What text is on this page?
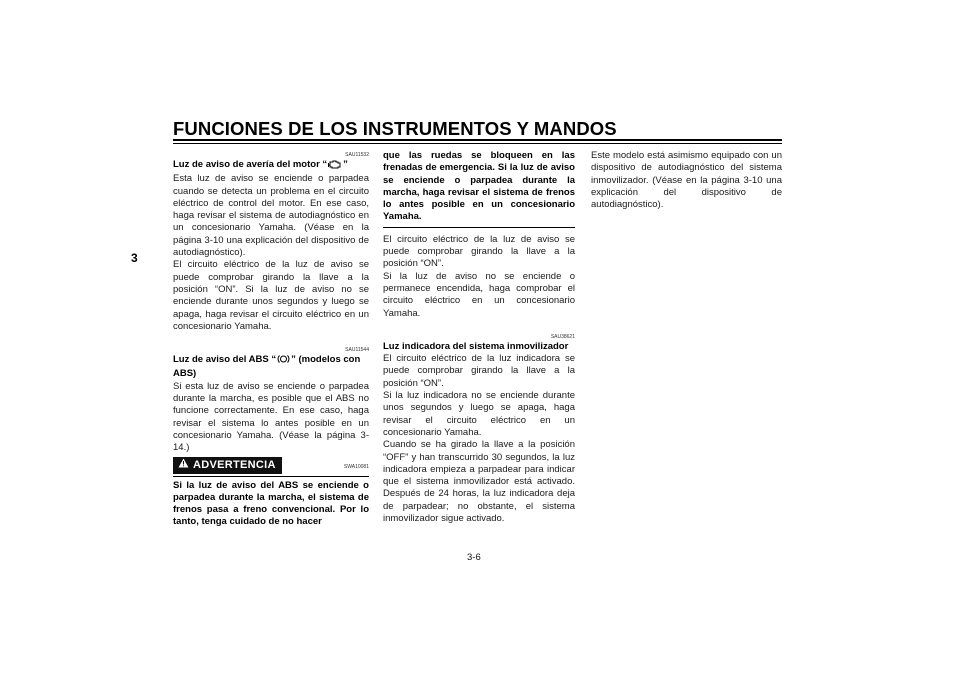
FUNCIONES DE LOS INSTRUMENTOS Y MANDOS
3
SAU11532

Luz de aviso de avería del motor “ ”

Esta luz de aviso se enciende o parpadea cuando se detecta un problema en el circuito eléctrico de control del motor. En ese caso, haga revisar el sistema de autodiagnóstico en un concesionario Yamaha. (Véase en la página 3-10 una explicación del dispositivo de autodiagnóstico).

El circuito eléctrico de la luz de aviso se puede comprobar girando la llave a la posición “ON”. Si la luz de aviso no se enciende durante unos segundos y luego se apaga, haga revisar el circuito eléctrico en un concesionario Yamaha.

SAU11544

Luz de aviso del ABS “ ” (modelos con ABS)

Si esta luz de aviso se enciende o parpadea durante la marcha, es posible que el ABS no funcione correctamente. En ese caso, haga revisar el sistema lo antes posible en un concesionario Yamaha. (Véase la página 3-14.)

ADVERTENCIA	SWA10081

Si la luz de aviso del ABS se enciende o parpadea durante la marcha, el sistema de frenos pasa a freno convencional. Por lo tanto, tenga cuidado de no hacer

que las ruedas se bloqueen en las frenadas de emergencia. Si la luz de aviso se enciende o parpadea durante la marcha, haga revisar el sistema de frenos lo antes posible en un concesionario Yamaha.

El circuito eléctrico de la luz de aviso se puede comprobar girando la llave a la posición “ON”.

Si la luz de aviso no se enciende o permanece encendida, haga comprobar el circuito eléctrico en un concesionario Yamaha.

SAU38621

Luz indicadora del sistema inmovilizador

El circuito eléctrico de la luz indicadora se puede comprobar girando la llave a la posición “ON”.

Si la luz indicadora no se enciende durante unos segundos y luego se apaga, haga revisar el circuito eléctrico en un concesionario Yamaha.

Cuando se ha girado la llave a la posición “OFF” y han transcurrido 30 segundos, la luz indicadora empieza a parpadear para indicar que el sistema inmovilizador está activado. Después de 24 horas, la luz indicadora deja de parpadear; no obstante, el sistema inmovilizador sigue activado.

Este modelo está asimismo equipado con un dispositivo de autodiagnóstico del sistema inmovilizador. (Véase en la página 3-10 una explicación del dispositivo de autodiagnóstico).

3-6
